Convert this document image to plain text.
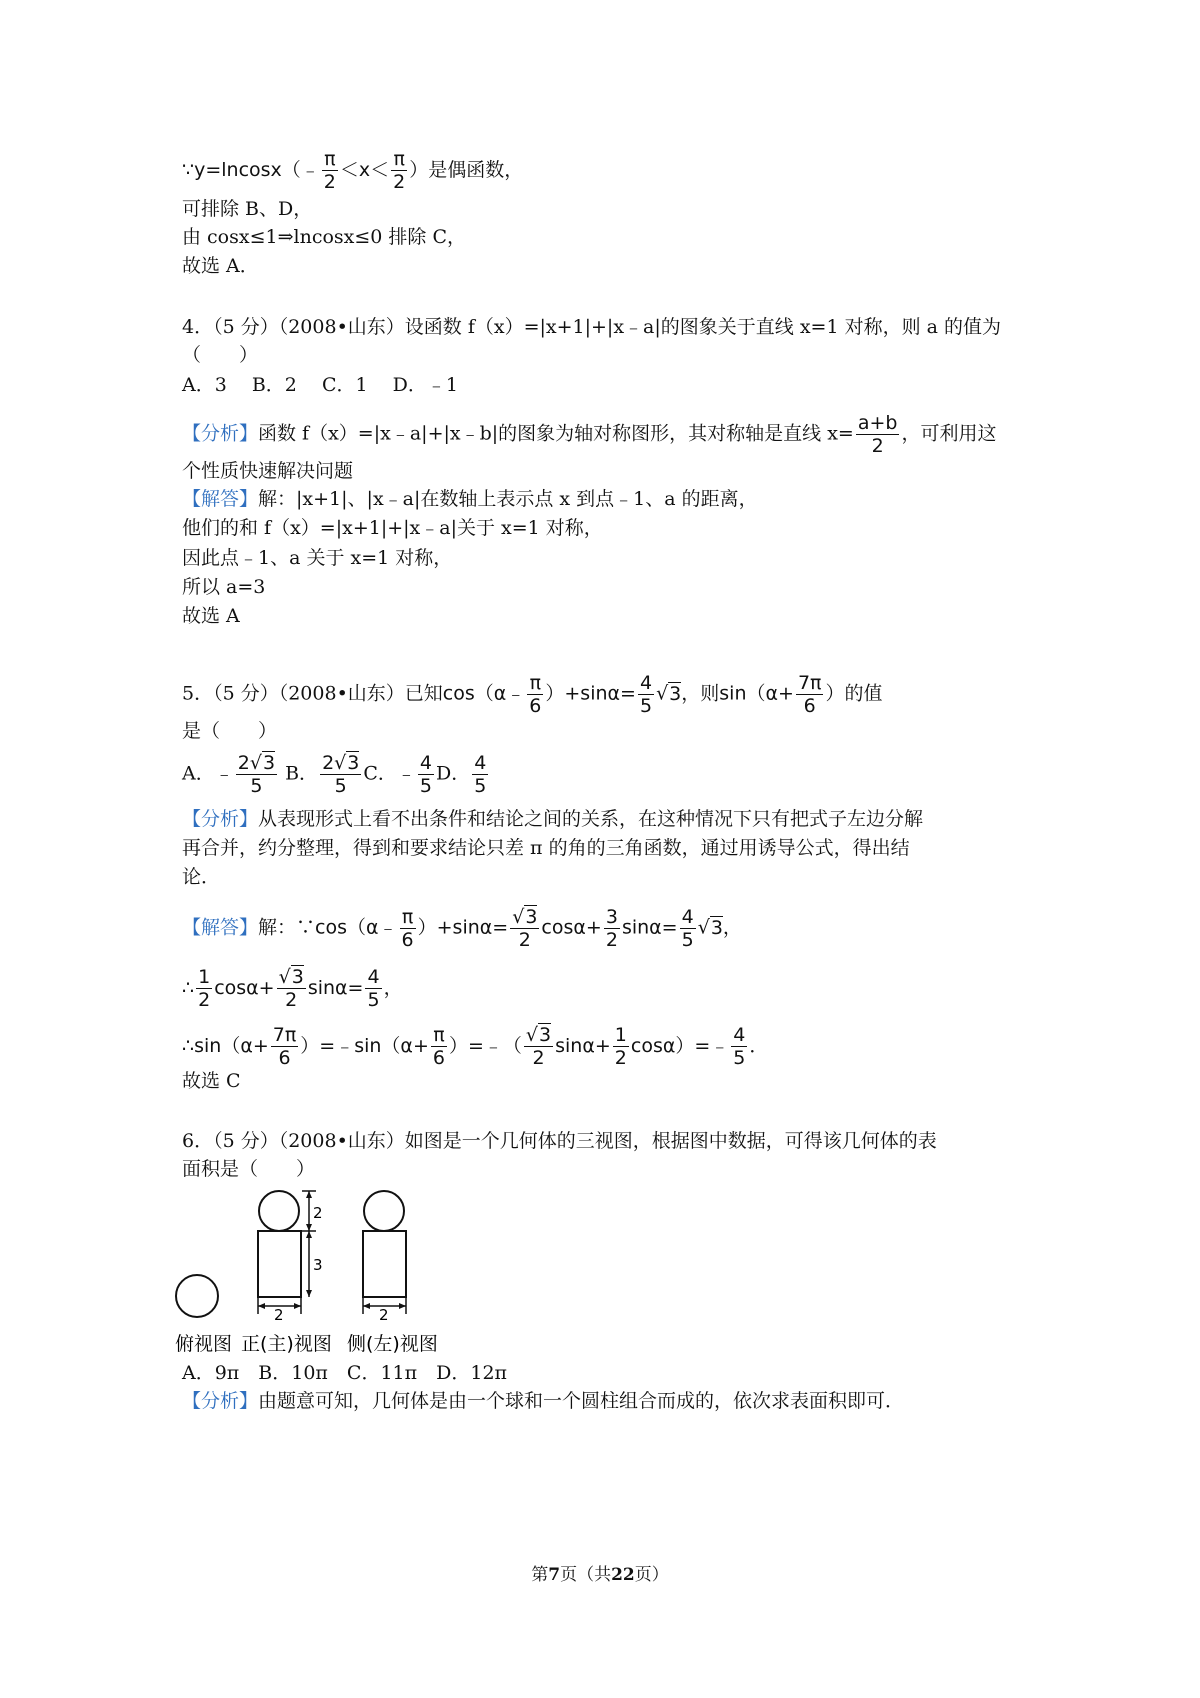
∵y=lncosx（﹣ $\frac{\pi}{2} <x< \frac{\pi}{2}$ ）是偶函数，
可排除 B、D，
由 cosx≤1⇒lncosx≤0 排除 C，
故选 A．
4．（5 分）（2008•山东）设函数 f（x）=|x+1|+|x﹣a|的图象关于直线 x=1 对称，则 a 的值为
（　　）
A．3　 B．2　 C．1　 D．﹣1
【分析】函数 f（x）=|x﹣a|+|x﹣b|的图象为轴对称图形，其对称轴是直线 $x= \frac{a+b}{2}$ ，可利用这
个性质快速解决问题
【解答】解：|x+1|、|x﹣a|在数轴上表示点 x 到点﹣1、a 的距离，
他们的和 f（x）=|x+1|+|x﹣a|关于 x=1 对称，
因此点﹣1、a 关于 x=1 对称，
所以 a=3
故选 A
5．（5 分）（2008•山东）已知cos（α﹣ $\frac{\pi}{6} )+\sin\alpha= \frac{4}{5} √3$，则$\sin(\alpha+ \frac{7\pi}{6}$ ）的值
是（　　）
A．﹣ $\frac{2√3}{5}$ B． $\frac{2√3}{5}$ C．﹣ $\frac{4}{5}$ D． $\frac{4}{5}$
【分析】从表现形式上看不出条件和结论之间的关系，在这种情况下只有把式子左边分解
再合并，约分整理，得到和要求结论只差 π 的角的三角函数，通过用诱导公式，得出结
论．
【解答】解：∵cos（α﹣ $\frac{\pi}{6} )+\sin\alpha= \frac{√3}{2} \cos\alpha+ \frac{3}{2} \sin\alpha= \frac{4}{5} √3$，
∴ $\frac{1}{2} \cos\alpha+ \frac{√3}{2} \sin\alpha= \frac{4}{5}$ ，
∴sin（α+ $\frac{7\pi}{6}$ ）=﹣sin（α+ $\frac{\pi}{6}$ ）=﹣（ $\frac{√3}{2} \sin\alpha+ \frac{1}{2}$ cosα）=﹣ $\frac{4}{5}$ ．
故选 C
6．（5 分）（2008•山东）如图是一个几何体的三视图，根据图中数据，可得该几何体的表
面积是（　　）
2
3
2	2
俯视图 正(主)视图 侧(左)视图
A．9π　B．10π　C．11π　D．12π
【分析】由题意可知，几何体是由一个球和一个圆柱组合而成的，依次求表面积即可．
第7页（共22页）
